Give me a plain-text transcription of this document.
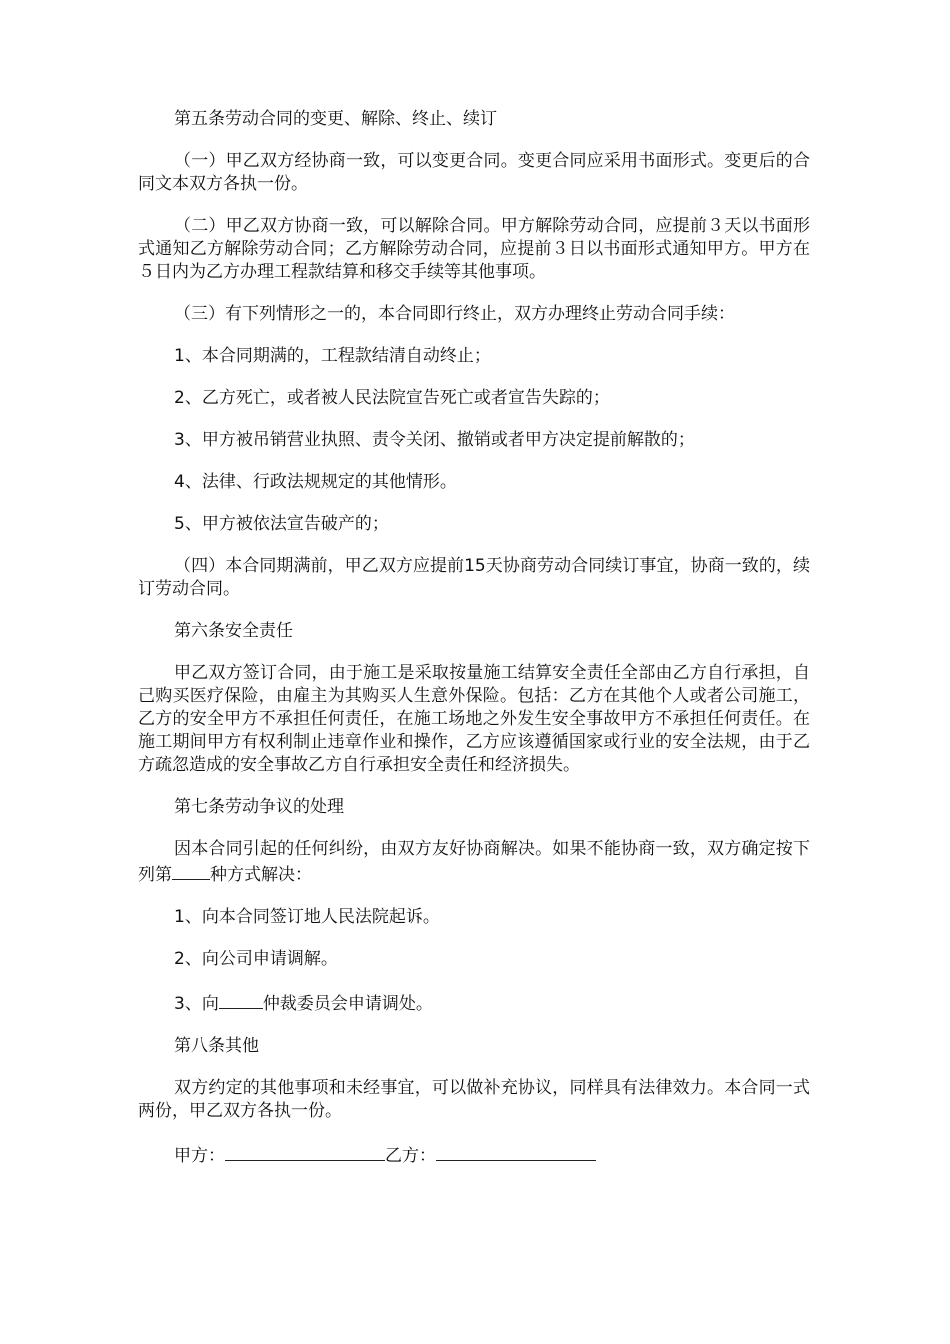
第五条劳动合同的变更、解除、终止、续订

（一）甲乙双方经协商一致，可以变更合同。变更合同应采用书面形式。变更后的合同文本双方各执一份。

（二）甲乙双方协商一致，可以解除合同。甲方解除劳动合同，应提前３天以书面形式通知乙方解除劳动合同；乙方解除劳动合同，应提前３日以书面形式通知甲方。甲方在５日内为乙方办理工程款结算和移交手续等其他事项。

（三）有下列情形之一的，本合同即行终止，双方办理终止劳动合同手续：

1、本合同期满的，工程款结清自动终止；

2、乙方死亡，或者被人民法院宣告死亡或者宣告失踪的；

3、甲方被吊销营业执照、责令关闭、撤销或者甲方决定提前解散的；

4、法律、行政法规规定的其他情形。

5、甲方被依法宣告破产的；

（四）本合同期满前，甲乙双方应提前15天协商劳动合同续订事宜，协商一致的，续订劳动合同。

第六条安全责任

甲乙双方签订合同，由于施工是采取按量施工结算安全责任全部由乙方自行承担，自己购买医疗保险，由雇主为其购买人生意外保险。包括：乙方在其他个人或者公司施工，乙方的安全甲方不承担任何责任，在施工场地之外发生安全事故甲方不承担任何责任。在施工期间甲方有权利制止违章作业和操作，乙方应该遵循国家或行业的安全法规，由于乙方疏忽造成的安全事故乙方自行承担安全责任和经济损失。

第七条劳动争议的处理

因本合同引起的任何纠纷，由双方友好协商解决。如果不能协商一致，双方确定按下列第 种方式解决：

1、向本合同签订地人民法院起诉。

2、向公司申请调解。

3、向	仲裁委员会申请调处。

第八条其他

双方约定的其他事项和未经事宜，可以做补充协议，同样具有法律效力。本合同一式两份，甲乙双方各执一份。

甲方：	乙方：
